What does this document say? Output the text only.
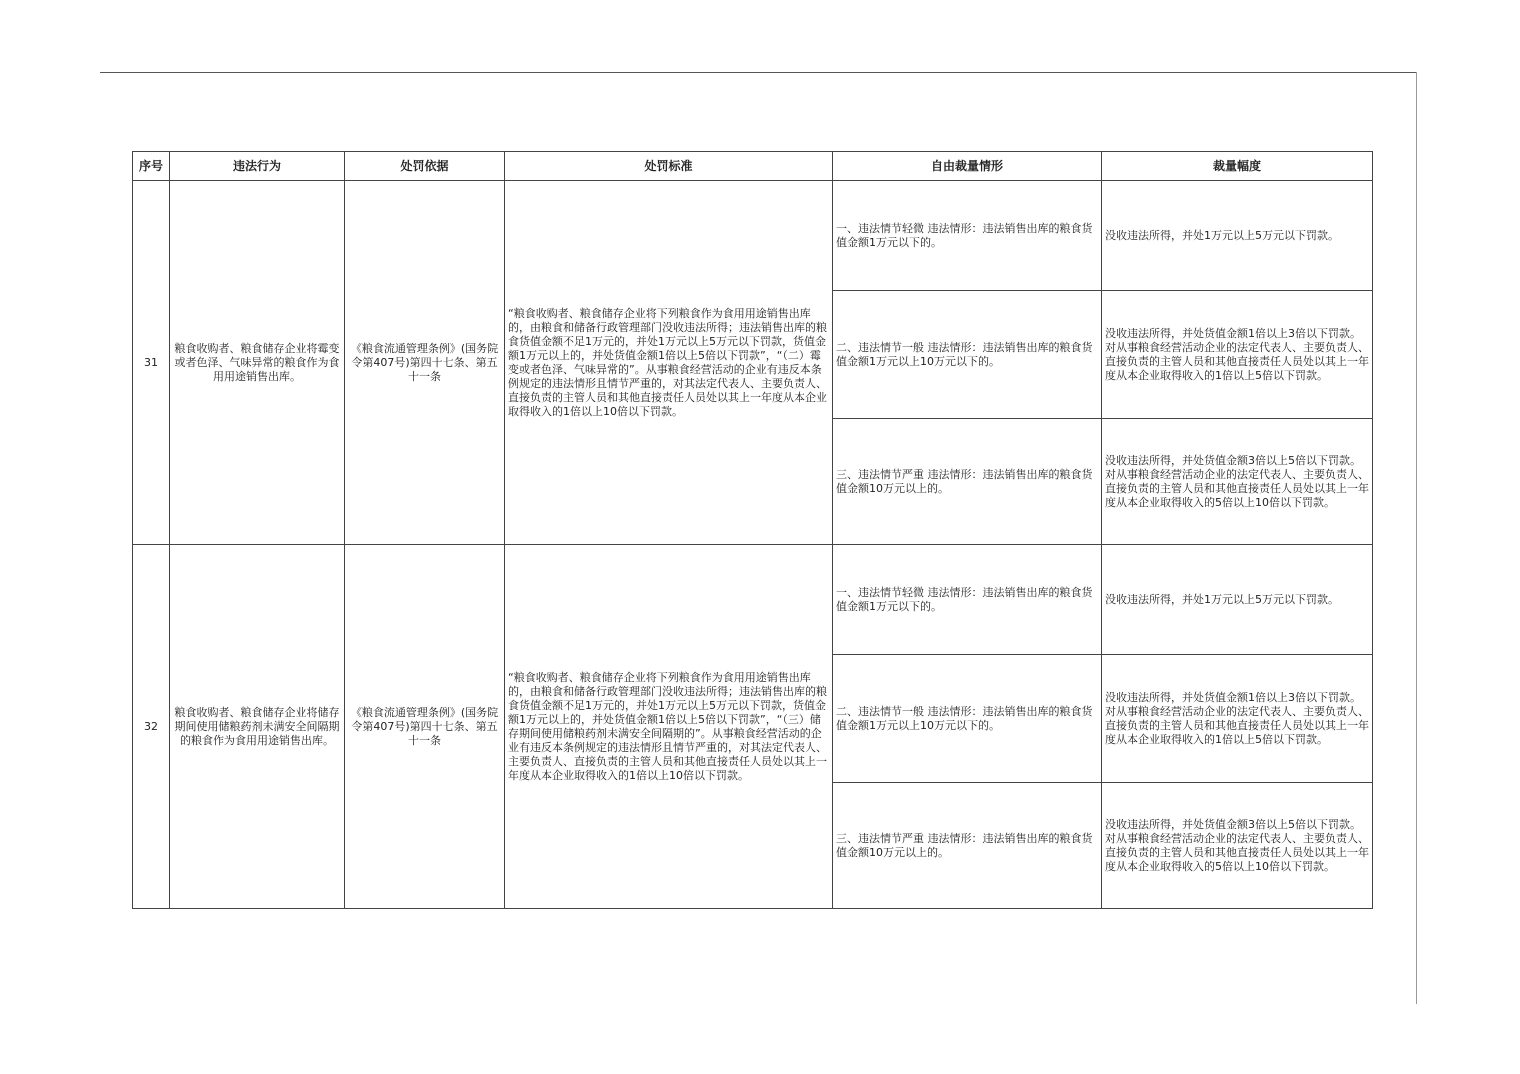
序号	违法行为	处罚依据	处罚标准	自由裁量情形	裁量幅度
31	粮食收购者、粮食储存企业将霉变或者色泽、气味异常的粮食作为食用用途销售出库。	《粮食流通管理条例》(国务院令第407号)第四十七条、第五十一条	“粮食收购者、粮食储存企业将下列粮食作为食用用途销售出库的，由粮食和储备行政管理部门没收违法所得；违法销售出库的粮食货值金额不足1万元的，并处1万元以上5万元以下罚款，货值金额1万元以上的，并处货值金额1倍以上5倍以下罚款”，“（二）霉变或者色泽、气味异常的”。从事粮食经营活动的企业有违反本条例规定的违法情形且情节严重的，对其法定代表人、主要负责人、直接负责的主管人员和其他直接责任人员处以其上一年度从本企业取得收入的1倍以上10倍以下罚款。	一、违法情节轻微 违法情形：违法销售出库的粮食货值金额1万元以下的。	没收违法所得，并处1万元以上5万元以下罚款。
				二、违法情节一般 违法情形：违法销售出库的粮食货值金额1万元以上10万元以下的。	没收违法所得，并处货值金额1倍以上3倍以下罚款。对从事粮食经营活动企业的法定代表人、主要负责人、直接负责的主管人员和其他直接责任人员处以其上一年度从本企业取得收入的1倍以上5倍以下罚款。
				三、违法情节严重 违法情形：违法销售出库的粮食货值金额10万元以上的。	没收违法所得，并处货值金额3倍以上5倍以下罚款。对从事粮食经营活动企业的法定代表人、主要负责人、直接负责的主管人员和其他直接责任人员处以其上一年度从本企业取得收入的5倍以上10倍以下罚款。
32	粮食收购者、粮食储存企业将储存期间使用储粮药剂未满安全间隔期的粮食作为食用用途销售出库。	《粮食流通管理条例》(国务院令第407号)第四十七条、第五十一条	“粮食收购者、粮食储存企业将下列粮食作为食用用途销售出库的，由粮食和储备行政管理部门没收违法所得；违法销售出库的粮食货值金额不足1万元的，并处1万元以上5万元以下罚款，货值金额1万元以上的，并处货值金额1倍以上5倍以下罚款”，“（三）储存期间使用储粮药剂未满安全间隔期的”。从事粮食经营活动的企业有违反本条例规定的违法情形且情节严重的，对其法定代表人、主要负责人、直接负责的主管人员和其他直接责任人员处以其上一年度从本企业取得收入的1倍以上10倍以下罚款。	一、违法情节轻微 违法情形：违法销售出库的粮食货值金额1万元以下的。	没收违法所得，并处1万元以上5万元以下罚款。
				二、违法情节一般 违法情形：违法销售出库的粮食货值金额1万元以上10万元以下的。	没收违法所得，并处货值金额1倍以上3倍以下罚款。对从事粮食经营活动企业的法定代表人、主要负责人、直接负责的主管人员和其他直接责任人员处以其上一年度从本企业取得收入的1倍以上5倍以下罚款。
				三、违法情节严重 违法情形：违法销售出库的粮食货值金额10万元以上的。	没收违法所得，并处货值金额3倍以上5倍以下罚款。对从事粮食经营活动企业的法定代表人、主要负责人、直接负责的主管人员和其他直接责任人员处以其上一年度从本企业取得收入的5倍以上10倍以下罚款。
